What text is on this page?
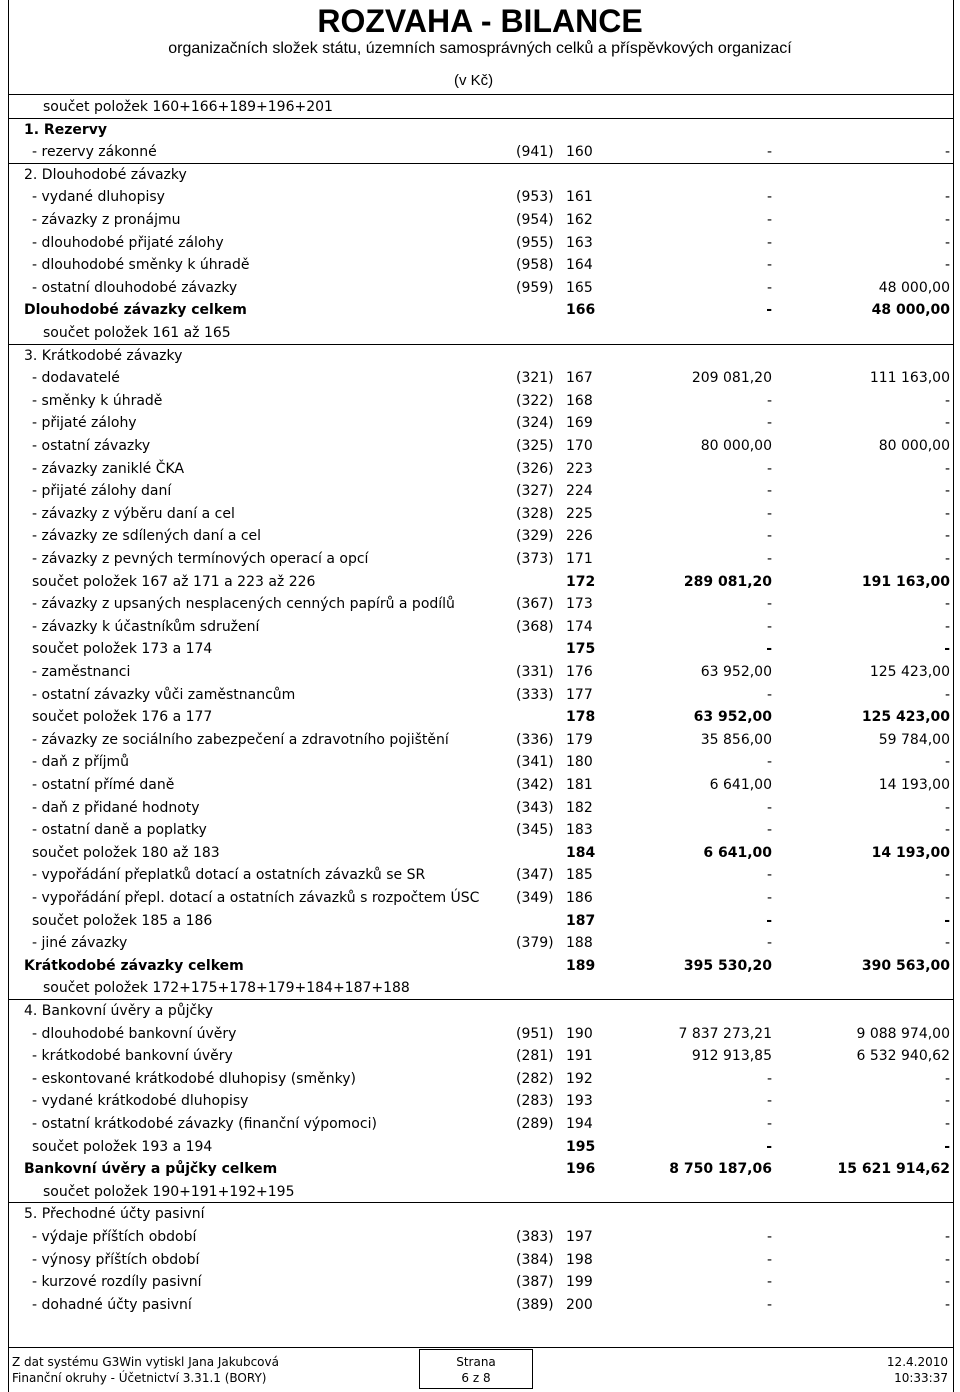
ROZVAHA - BILANCE
organizačních složek státu, územních samosprávných celků a příspěvkových organizací
(v Kč)
součet položek 160+166+189+196+201
1. Rezervy
- rezervy zákonné	(941) 160	-	-
2. Dlouhodobé závazky
- vydané dluhopisy	(953) 161	-	-
- závazky z pronájmu	(954) 162	-	-
- dlouhodobé přijaté zálohy	(955) 163	-	-
- dlouhodobé směnky k úhradě	(958) 164	-	-
- ostatní dlouhodobé závazky	(959) 165	-	48 000,00
Dlouhodobé závazky celkem	166	-	48 000,00
součet položek 161 až 165
3. Krátkodobé závazky
- dodavatelé	(321) 167	209 081,20	111 163,00
- směnky k úhradě	(322) 168	-	-
- přijaté zálohy	(324) 169	-	-
- ostatní závazky	(325) 170	80 000,00	80 000,00
- závazky zaniklé ČKA	(326) 223	-	-
- přijaté zálohy daní	(327) 224	-	-
- závazky z výběru daní a cel	(328) 225	-	-
- závazky ze sdílených daní a cel	(329) 226	-	-
- závazky z pevných termínových operací a opcí	(373) 171	-	-
součet položek 167 až 171 a 223 až 226	172	289 081,20	191 163,00
- závazky z upsaných nesplacených cenných papírů a podílů	(367) 173	-	-
- závazky k účastníkům sdružení	(368) 174	-	-
součet položek 173 a 174	175	-	-
- zaměstnanci	(331) 176	63 952,00	125 423,00
- ostatní závazky vůči zaměstnancům	(333) 177	-	-
součet položek 176 a 177	178	63 952,00	125 423,00
- závazky ze sociálního zabezpečení a zdravotního pojištění	(336) 179	35 856,00	59 784,00
- daň z příjmů	(341) 180	-	-
- ostatní přímé daně	(342) 181	6 641,00	14 193,00
- daň z přidané hodnoty	(343) 182	-	-
- ostatní daně a poplatky	(345) 183	-	-
součet položek 180 až 183	184	6 641,00	14 193,00
- vypořádání přeplatků dotací a ostatních závazků se SR	(347) 185	-	-
- vypořádání přepl. dotací a ostatních závazků s rozpočtem ÚSC	(349) 186	-	-
součet položek 185 a 186	187	-	-
- jiné závazky	(379) 188	-	-
Krátkodobé závazky celkem	189	395 530,20	390 563,00
součet položek 172+175+178+179+184+187+188
4. Bankovní úvěry a půjčky
- dlouhodobé bankovní úvěry	(951) 190	7 837 273,21	9 088 974,00
- krátkodobé bankovní úvěry	(281) 191	912 913,85	6 532 940,62
- eskontované krátkodobé dluhopisy (směnky)	(282) 192	-	-
- vydané krátkodobé dluhopisy	(283) 193	-	-
- ostatní krátkodobé závazky (finanční výpomoci)	(289) 194	-	-
součet položek 193 a 194	195	-	-
Bankovní úvěry a půjčky celkem	196	8 750 187,06	15 621 914,62
součet položek 190+191+192+195
5. Přechodné účty pasivní
- výdaje příštích období	(383) 197	-	-
- výnosy příštích období	(384) 198	-	-
- kurzové rozdíly pasivní	(387) 199	-	-
- dohadné účty pasivní	(389) 200	-	-
Z dat systému G3Win vytiskl Jana Jakubcová
Finanční okruhy - Účetnictví 3.31.1 (BORY)
Strana
6 z 8
12.4.2010
10:33:37
